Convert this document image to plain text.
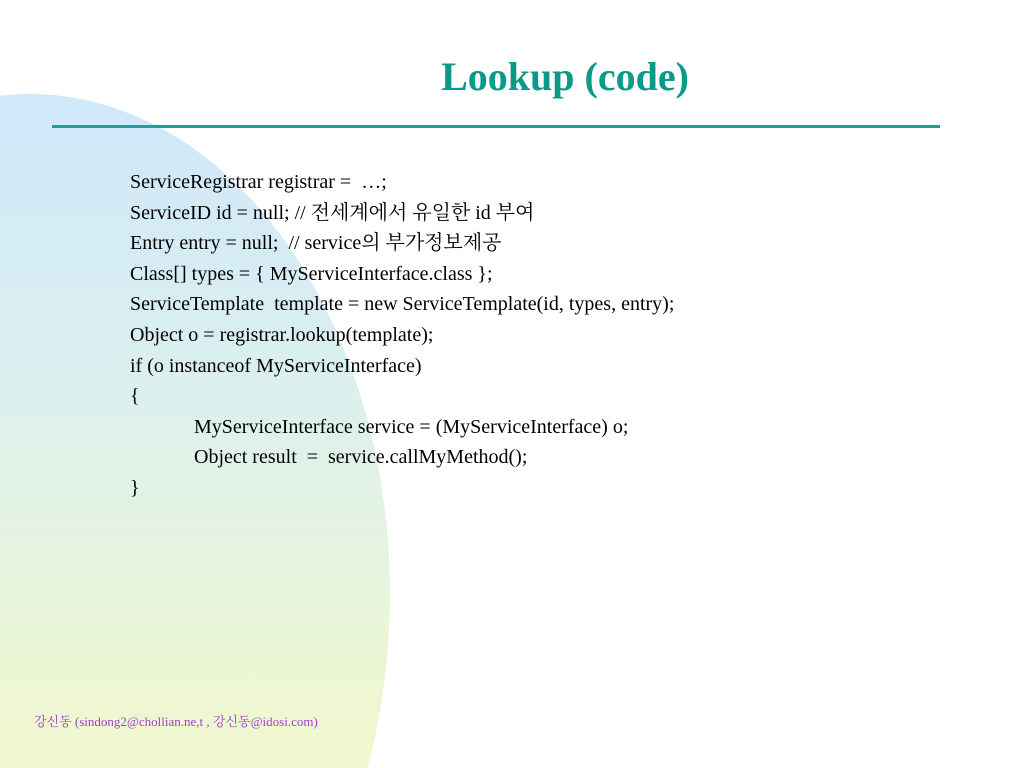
Lookup (code)
ServiceRegistrar registrar =  …;
ServiceID id = null; // 전세계에서 유일한 id 부여
Entry entry = null;  // service의 부가정보제공
Class[] types = { MyServiceInterface.class };
ServiceTemplate  template = new ServiceTemplate(id, types, entry);
Object o = registrar.lookup(template);
if (o instanceof MyServiceInterface)
{
MyServiceInterface service = (MyServiceInterface) o;
Object result  =  service.callMyMethod();
}
강신동 (sindong2@chollian.ne,t , 강신동@idosi.com)
